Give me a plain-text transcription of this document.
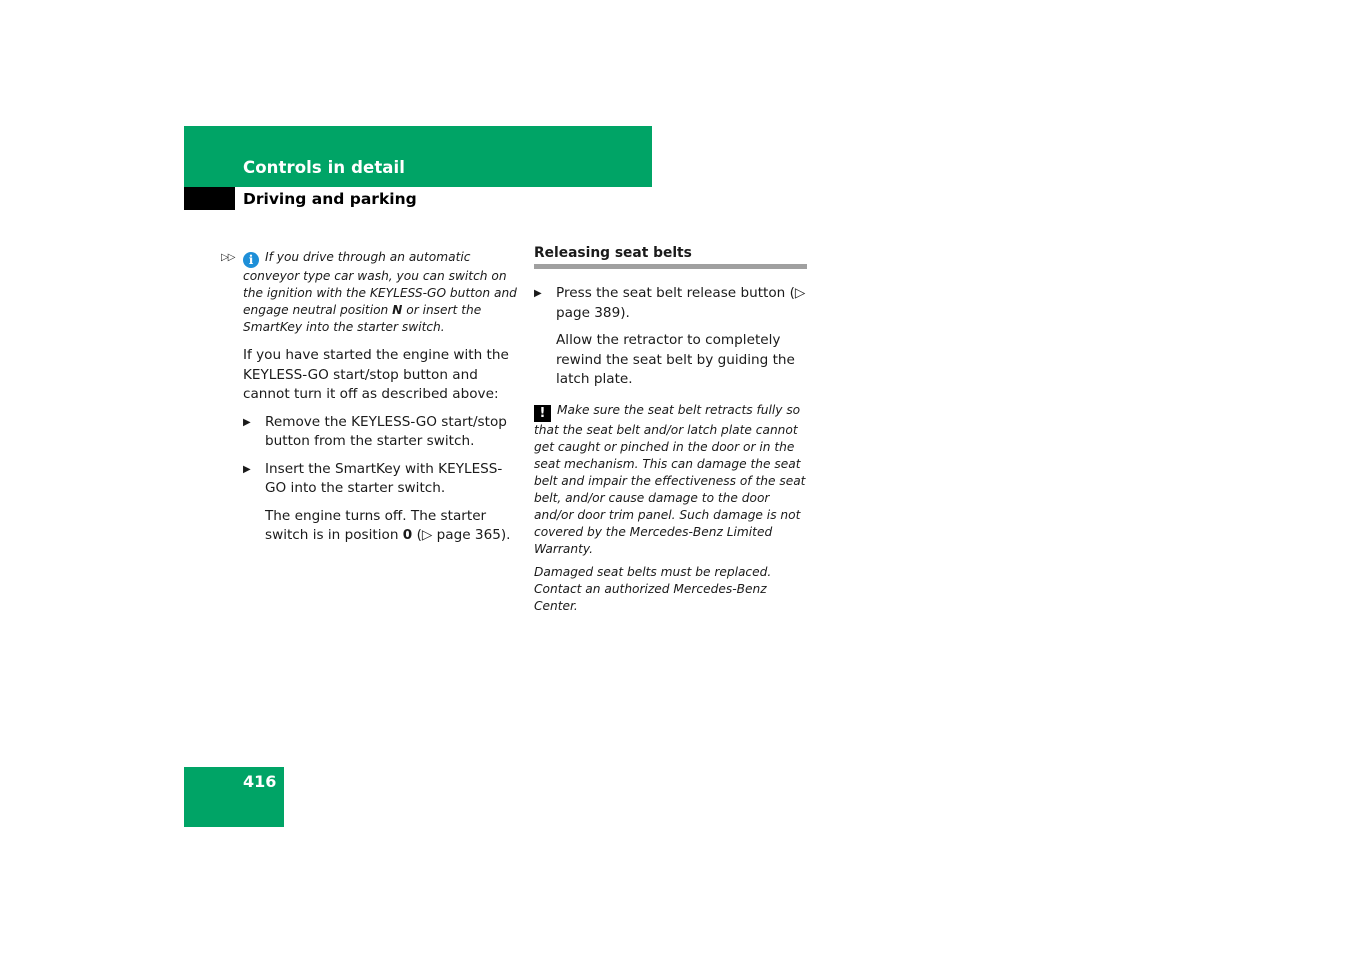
Controls in detail
Driving and parking

▷▷ i If you drive through an automatic conveyor type car wash, you can switch on the ignition with the KEYLESS-GO button and engage neutral position N or insert the SmartKey into the starter switch.

If you have started the engine with the KEYLESS-GO start/stop button and cannot turn it off as described above:

▶ Remove the KEYLESS-GO start/stop button from the starter switch.

▶ Insert the SmartKey with KEYLESS-GO into the starter switch.

The engine turns off. The starter switch is in position 0 (▷ page 365).

Releasing seat belts

▶ Press the seat belt release button (▷ page 389).

Allow the retractor to completely rewind the seat belt by guiding the latch plate.

! Make sure the seat belt retracts fully so that the seat belt and/or latch plate cannot get caught or pinched in the door or in the seat mechanism. This can damage the seat belt and impair the effectiveness of the seat belt, and/or cause damage to the door and/or door trim panel. Such damage is not covered by the Mercedes-Benz Limited Warranty.

Damaged seat belts must be replaced. Contact an authorized Mercedes-Benz Center.

416
